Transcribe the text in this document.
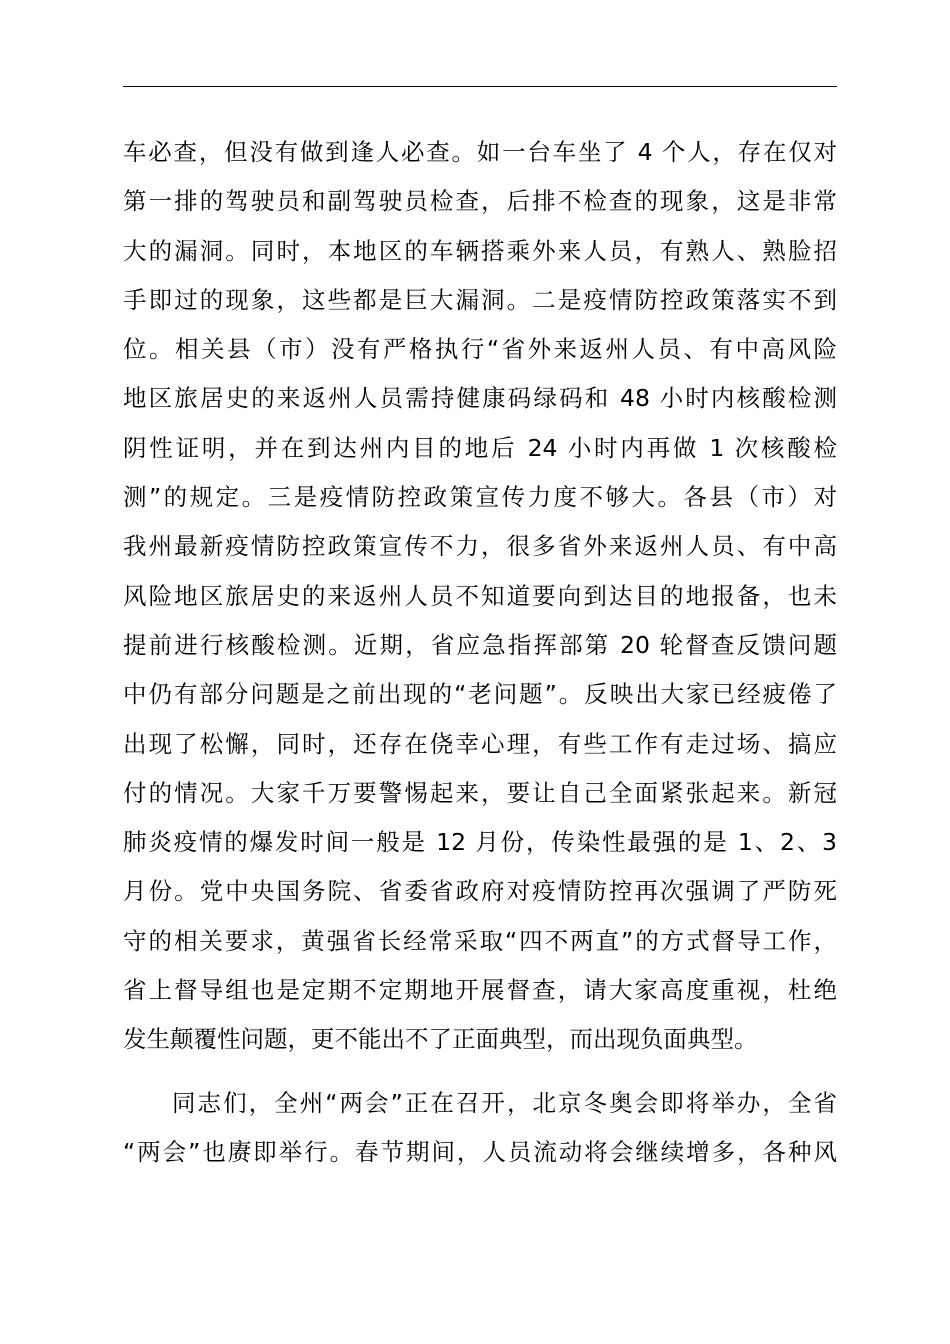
车必查，但没有做到逢人必查。如一台车坐了 4 个人，存在仅对
第一排的驾驶员和副驾驶员检查，后排不检查的现象，这是非常
大的漏洞。同时，本地区的车辆搭乘外来人员，有熟人、熟脸招
手即过的现象，这些都是巨大漏洞。二是疫情防控政策落实不到
位。相关县（市）没有严格执行“省外来返州人员、有中高风险
地区旅居史的来返州人员需持健康码绿码和 48 小时内核酸检测
阴性证明，并在到达州内目的地后 24 小时内再做 1 次核酸检
测”的规定。三是疫情防控政策宣传力度不够大。各县（市）对
我州最新疫情防控政策宣传不力，很多省外来返州人员、有中高
风险地区旅居史的来返州人员不知道要向到达目的地报备，也未
提前进行核酸检测。近期，省应急指挥部第 20 轮督查反馈问题
中仍有部分问题是之前出现的“老问题”。反映出大家已经疲倦了
出现了松懈，同时，还存在侥幸心理，有些工作有走过场、搞应
付的情况。大家千万要警惕起来，要让自己全面紧张起来。新冠
肺炎疫情的爆发时间一般是 12 月份，传染性最强的是 1、2、3
月份。党中央国务院、省委省政府对疫情防控再次强调了严防死
守的相关要求，黄强省长经常采取“四不两直”的方式督导工作，
省上督导组也是定期不定期地开展督查，请大家高度重视，杜绝
发生颠覆性问题，更不能出不了正面典型，而出现负面典型。
同志们，全州“两会”正在召开，北京冬奥会即将举办，全省
“两会”也赓即举行。春节期间，人员流动将会继续增多，各种风
